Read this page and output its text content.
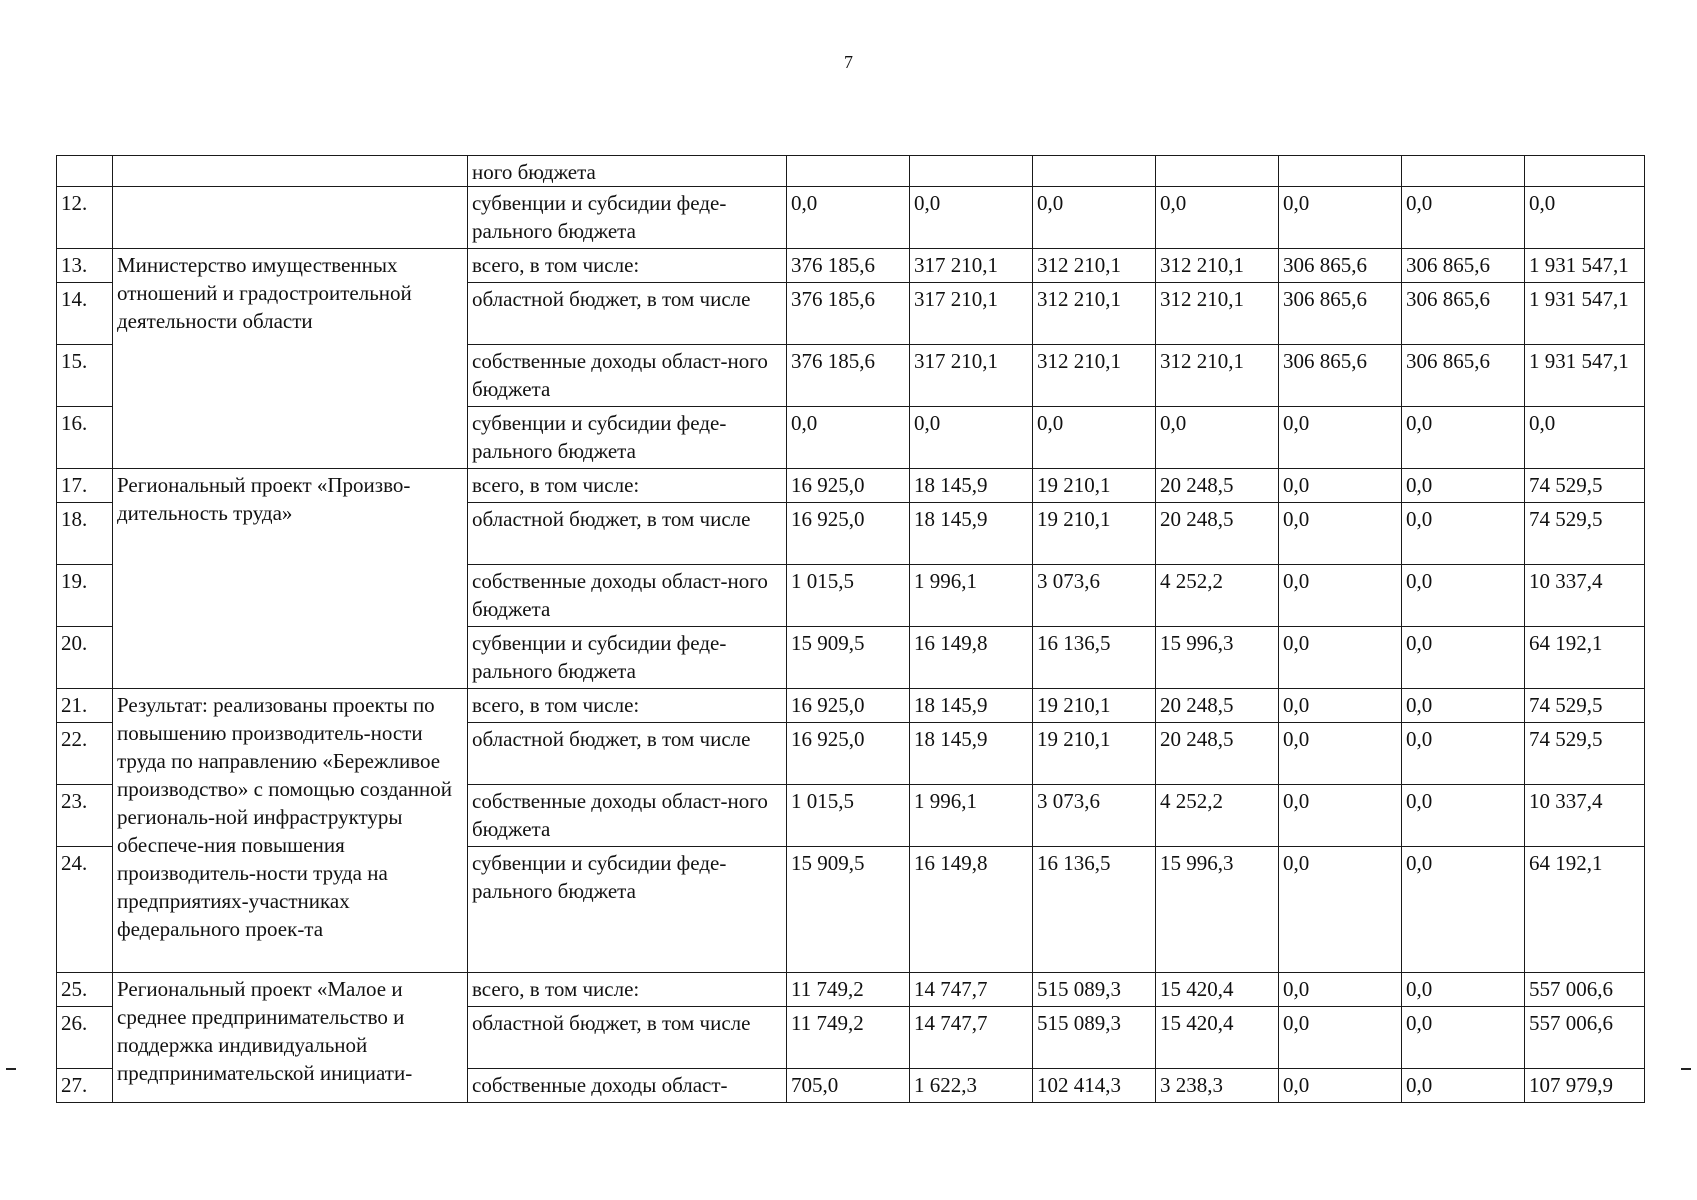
7
		ного бюджета							
12.		субвенции и субсидии феде-рального бюджета	0,0	0,0	0,0	0,0	0,0	0,0	0,0
13.	Министерство имущественных отношений и градостроительной деятельности области	всего, в том числе:	376 185,6	317 210,1	312 210,1	312 210,1	306 865,6	306 865,6	1 931 547,1
14.		областной бюджет, в том числе	376 185,6	317 210,1	312 210,1	312 210,1	306 865,6	306 865,6	1 931 547,1
15.		собственные доходы област-ного бюджета	376 185,6	317 210,1	312 210,1	312 210,1	306 865,6	306 865,6	1 931 547,1
16.		субвенции и субсидии феде-рального бюджета	0,0	0,0	0,0	0,0	0,0	0,0	0,0
17.	Региональный проект «Произво-дительность труда»	всего, в том числе:	16 925,0	18 145,9	19 210,1	20 248,5	0,0	0,0	74 529,5
18.		областной бюджет, в том числе	16 925,0	18 145,9	19 210,1	20 248,5	0,0	0,0	74 529,5
19.		собственные доходы област-ного бюджета	1 015,5	1 996,1	3 073,6	4 252,2	0,0	0,0	10 337,4
20.		субвенции и субсидии феде-рального бюджета	15 909,5	16 149,8	16 136,5	15 996,3	0,0	0,0	64 192,1
21.	Результат: реализованы проекты по повышению производитель-ности труда по направлению «Бережливое производство» с помощью созданной региональ-ной инфраструктуры обеспече-ния повышения производитель-ности труда на предприятиях-участниках федерального проек-та	всего, в том числе:	16 925,0	18 145,9	19 210,1	20 248,5	0,0	0,0	74 529,5
22.		областной бюджет, в том числе	16 925,0	18 145,9	19 210,1	20 248,5	0,0	0,0	74 529,5
23.		собственные доходы област-ного бюджета	1 015,5	1 996,1	3 073,6	4 252,2	0,0	0,0	10 337,4
24.		субвенции и субсидии феде-рального бюджета	15 909,5	16 149,8	16 136,5	15 996,3	0,0	0,0	64 192,1
25.	Региональный проект «Малое и среднее предпринимательство и поддержка индивидуальной предпринимательской инициати-	всего, в том числе:	11 749,2	14 747,7	515 089,3	15 420,4	0,0	0,0	557 006,6
26.		областной бюджет, в том числе	11 749,2	14 747,7	515 089,3	15 420,4	0,0	0,0	557 006,6
27.		собственные доходы област-	705,0	1 622,3	102 414,3	3 238,3	0,0	0,0	107 979,9
